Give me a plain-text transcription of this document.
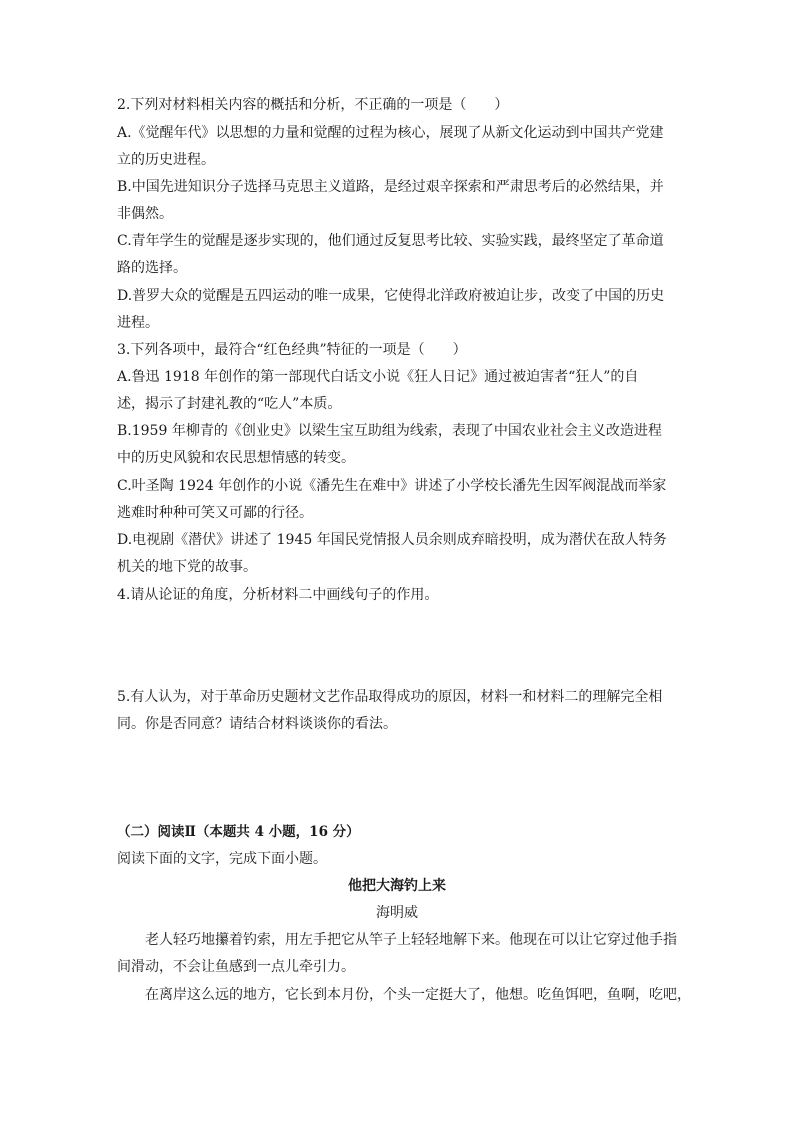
2.下列对材料相关内容的概括和分析，不正确的一项是（　　）
A.《觉醒年代》以思想的力量和觉醒的过程为核心，展现了从新文化运动到中国共产党建
立的历史进程。
B.中国先进知识分子选择马克思主义道路，是经过艰辛探索和严肃思考后的必然结果，并
非偶然。
C.青年学生的觉醒是逐步实现的，他们通过反复思考比较、实验实践，最终坚定了革命道
路的选择。
D.普罗大众的觉醒是五四运动的唯一成果，它使得北洋政府被迫让步，改变了中国的历史
进程。
3.下列各项中，最符合“红色经典”特征的一项是（　　）
A.鲁迅 1918 年创作的第一部现代白话文小说《狂人日记》通过被迫害者“狂人”的自
述，揭示了封建礼教的“吃人”本质。
B.1959 年柳青的《创业史》以梁生宝互助组为线索，表现了中国农业社会主义改造进程
中的历史风貌和农民思想情感的转变。
C.叶圣陶 1924 年创作的小说《潘先生在难中》讲述了小学校长潘先生因军阀混战而举家
逃难时种种可笑又可鄙的行径。
D.电视剧《潜伏》讲述了 1945 年国民党情报人员余则成弃暗投明，成为潜伏在敌人特务
机关的地下党的故事。
4.请从论证的角度，分析材料二中画线句子的作用。
5.有人认为，对于革命历史题材文艺作品取得成功的原因，材料一和材料二的理解完全相
同。你是否同意？请结合材料谈谈你的看法。
（二）阅读Ⅱ（本题共 4 小题，16 分）
阅读下面的文字，完成下面小题。
他把大海钓上来
海明威
老人轻巧地攥着钓索，用左手把它从竿子上轻轻地解下来。他现在可以让它穿过他手指
间滑动，不会让鱼感到一点儿牵引力。
在离岸这么远的地方，它长到本月份，个头一定挺大了，他想。吃鱼饵吧，鱼啊，吃吧，
